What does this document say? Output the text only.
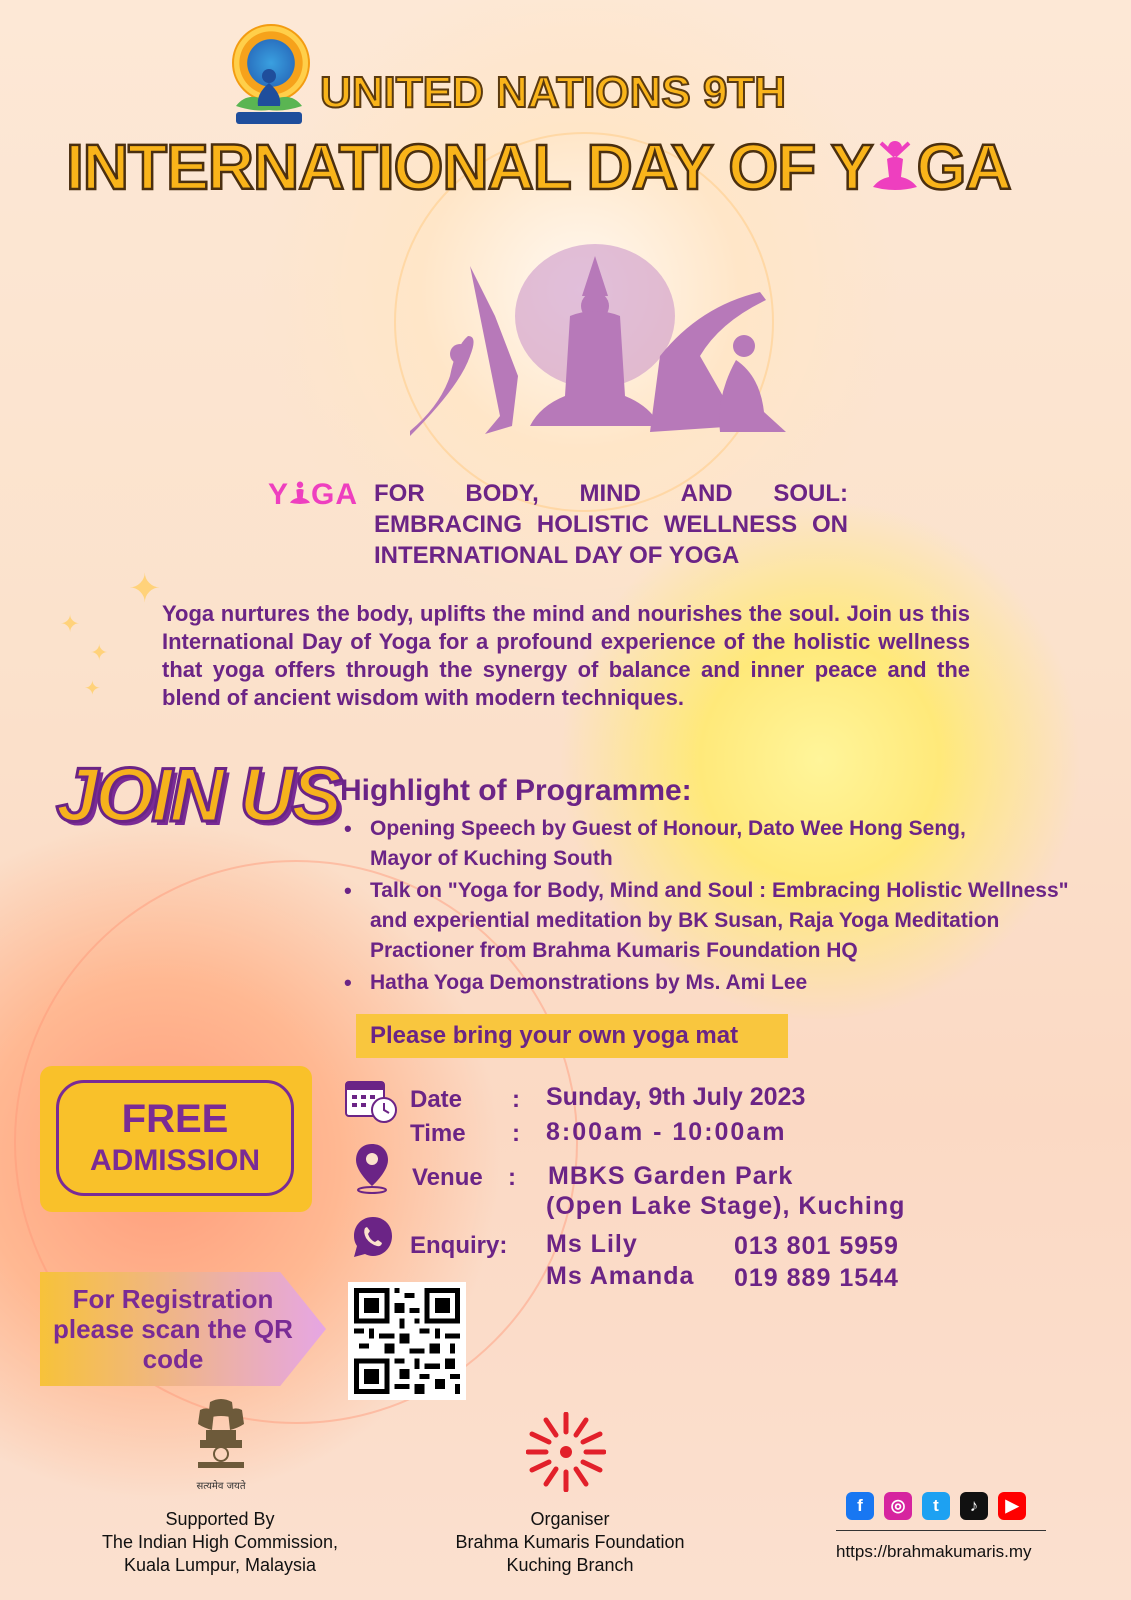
✦
✦
✦
✦
UNITED NATIONS 9TH
INTERNATIONAL DAY OF Y GA
Y GA FOR BODY, MIND AND SOUL: EMBRACING HOLISTIC WELLNESS ON INTERNATIONAL DAY OF YOGA
Yoga nurtures the body, uplifts the mind and nourishes the soul. Join us this International Day of Yoga for a profound experience of the holistic wellness that yoga offers through the synergy of balance and inner peace and the blend of ancient wisdom with modern techniques.
JOIN US Highlight of Programme:
• Opening Speech by Guest of Honour, Dato Wee Hong Seng, Mayor of Kuching South
• Talk on "Yoga for Body, Mind and Soul : Embracing Holistic Wellness" and experiential meditation by BK Susan, Raja Yoga Meditation Practioner from Brahma Kumaris Foundation HQ
• Hatha Yoga Demonstrations by Ms. Ami Lee
Please bring your own yoga mat
FREE
ADMISSION
For Registration please scan the QR code
Date : Sunday, 9th July 2023
Time : 8:00am - 10:00am
Venue : MBKS Garden Park
(Open Lake Stage), Kuching
Enquiry: Ms Lily	013 801 5959
Ms Amanda 019 889 1544
सत्यमेव जयते
Supported By
The Indian High Commission,
Kuala Lumpur, Malaysia
Organiser
Brahma Kumaris Foundation
Kuching Branch
f	◎	t	♪	▶
https://brahmakumaris.my
